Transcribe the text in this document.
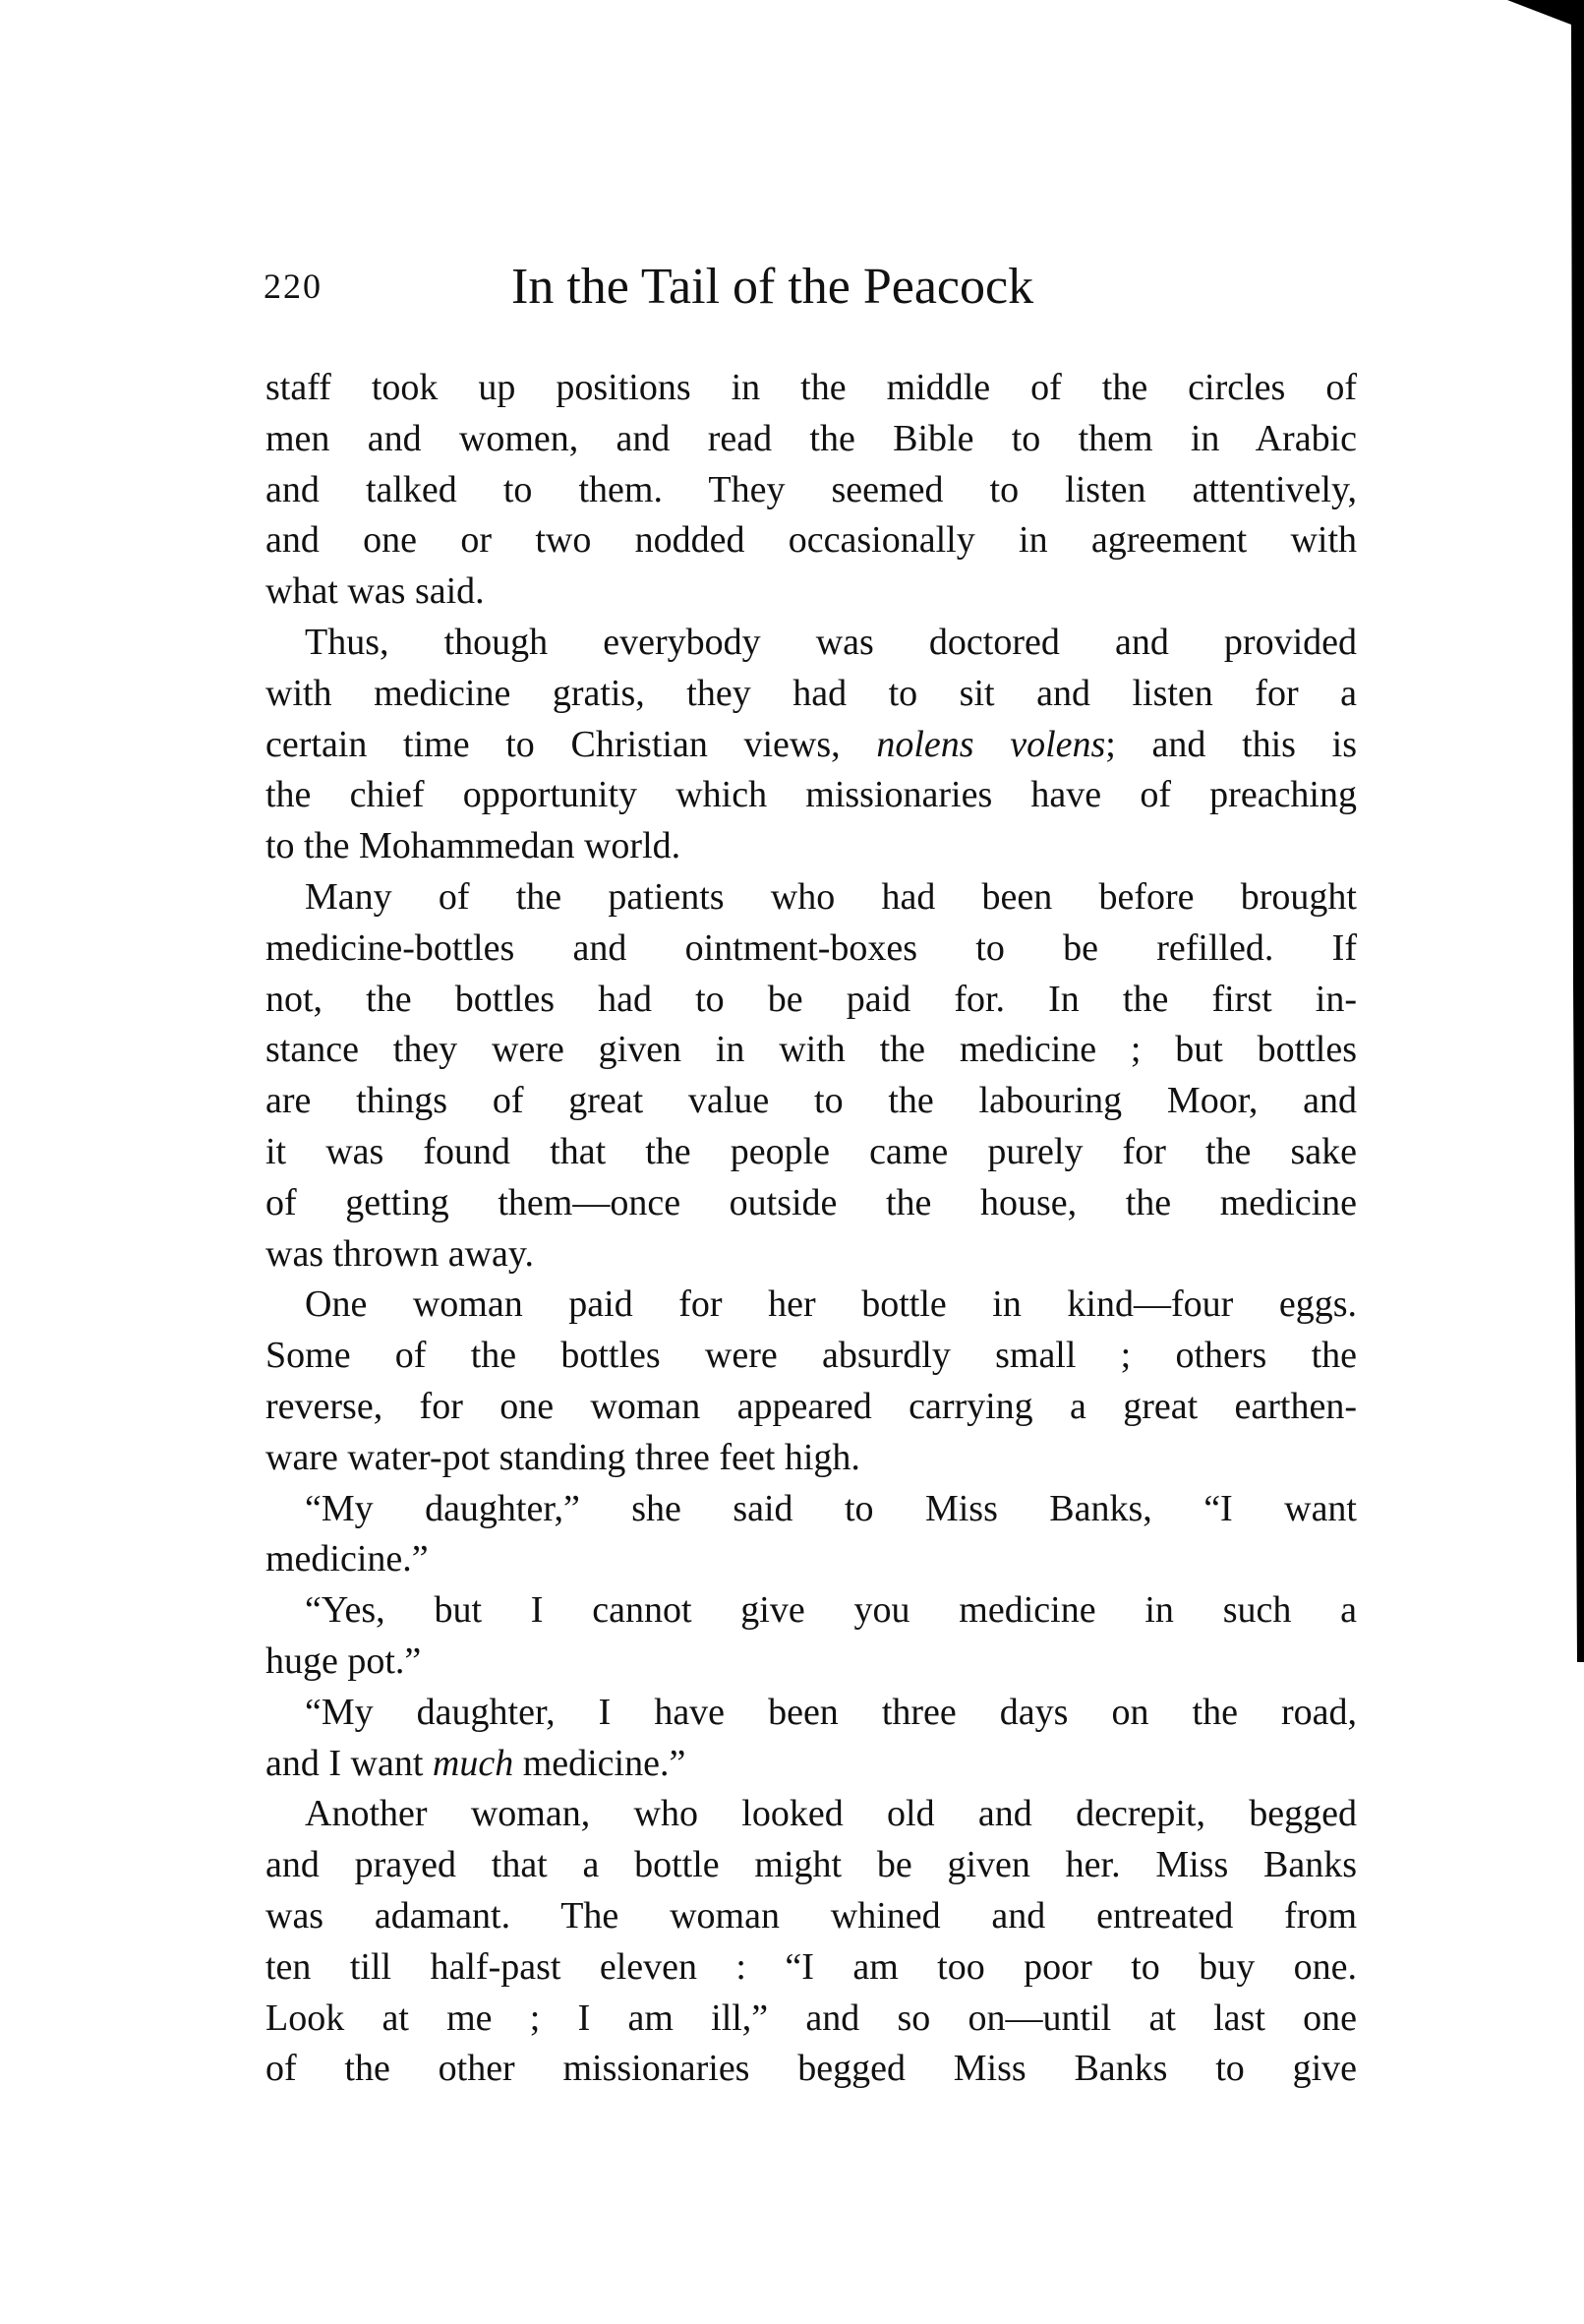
220	In the Tail of the Peacock
staff took up positions in the middle of the circles of
men and women, and read the Bible to them in Arabic
and talked to them. They seemed to listen attentively,
and one or two nodded occasionally in agreement with
what was said.
Thus, though everybody was doctored and provided
with medicine gratis, they had to sit and listen for a
certain time to Christian views, nolens volens; and this is
the chief opportunity which missionaries have of preaching
to the Mohammedan world.
Many of the patients who had been before brought
medicine-bottles and ointment-boxes to be refilled. If
not, the bottles had to be paid for. In the first in-
stance they were given in with the medicine ; but bottles
are things of great value to the labouring Moor, and
it was found that the people came purely for the sake
of getting them—once outside the house, the medicine
was thrown away.
One woman paid for her bottle in kind—four eggs.
Some of the bottles were absurdly small ; others the
reverse, for one woman appeared carrying a great earthen-
ware water-pot standing three feet high.
“My daughter,” she said to Miss Banks, “I want
medicine.”
“Yes, but I cannot give you medicine in such a
huge pot.”
“My daughter, I have been three days on the road,
and I want much medicine.”
Another woman, who looked old and decrepit, begged
and prayed that a bottle might be given her. Miss Banks
was adamant. The woman whined and entreated from
ten till half-past eleven : “I am too poor to buy one.
Look at me ; I am ill,” and so on—until at last one
of the other missionaries begged Miss Banks to give
